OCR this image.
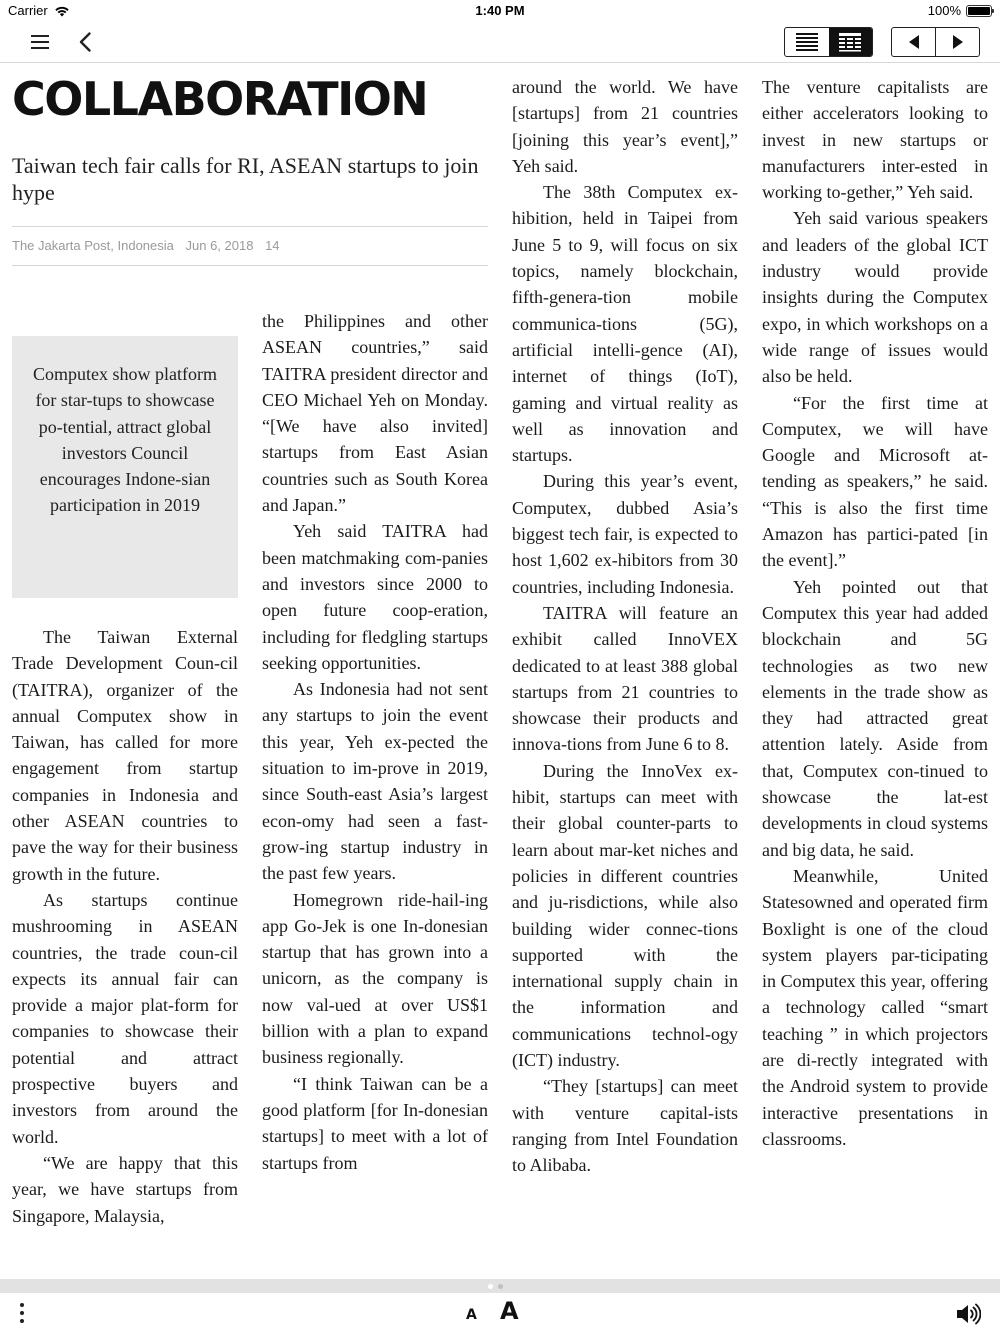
Carrier	1:40 PM	100%
COLLABORATION
Taiwan tech fair calls for RI, ASEAN startups to join hype
The Jakarta Post, Indonesia Jun 6, 2018 14
Computex show platform for star-tups to showcase po-tential, attract global investors Council encourages Indone-sian participation in 2019

The Taiwan External Trade Development Coun-cil (TAITRA), organizer of the annual Computex show in Taiwan, has called for more engagement from startup companies in Indonesia and other ASEAN countries to pave the way for their business growth in the future.

As startups continue mushrooming in ASEAN countries, the trade coun-cil expects its annual fair can provide a major plat-form for companies to showcase their potential and attract prospective buyers and investors from around the world.

“We are happy that this year, we have startups from Singapore, Malaysia,

the Philippines and other ASEAN countries,” said TAITRA president director and CEO Michael Yeh on Monday. “[We have also invited] startups from East Asian countries such as South Korea and Japan.”

Yeh said TAITRA had been matchmaking com-panies and investors since 2000 to open future coop-eration, including for fledgling startups seeking opportunities.

As Indonesia had not sent any startups to join the event this year, Yeh ex-pected the situation to im-prove in 2019, since South-east Asia’s largest econ-omy had seen a fast-grow-ing startup industry in the past few years.

Homegrown ride-hail-ing app Go-Jek is one In-donesian startup that has grown into a unicorn, as the company is now val-ued at over US$1 billion with a plan to expand business regionally.

“I think Taiwan can be a good platform [for In-donesian startups] to meet with a lot of startups from

around the world. We have [startups] from 21 countries [joining this year’s event],” Yeh said.

The 38th Computex ex-hibition, held in Taipei from June 5 to 9, will focus on six topics, namely blockchain, fifth-genera-tion mobile communica-tions (5G), artificial intelli-gence (AI), internet of things (IoT), gaming and virtual reality as well as innovation and startups.

During this year’s event, Computex, dubbed Asia’s biggest tech fair, is expected to host 1,602 ex-hibitors from 30 countries, including Indonesia.

TAITRA will feature an exhibit called InnoVEX dedicated to at least 388 global startups from 21 countries to showcase their products and innova-tions from June 6 to 8.

During the InnoVex ex-hibit, startups can meet with their global counter-parts to learn about mar-ket niches and policies in different countries and ju-risdictions, while also building wider connec-tions supported with the international supply chain in the information and communications technol-ogy (ICT) industry.

“They [startups] can meet with venture capital-ists ranging from Intel Foundation to Alibaba.

The venture capitalists are either accelerators looking to invest in new startups or manufacturers inter-ested in working to-gether,” Yeh said.

Yeh said various speakers and leaders of the global ICT industry would provide insights during the Computex expo, in which workshops on a wide range of issues would also be held.

“For the first time at Computex, we will have Google and Microsoft at-tending as speakers,” he said. “This is also the first time Amazon has partici-pated [in the event].”

Yeh pointed out that Computex this year had added blockchain and 5G technologies as two new elements in the trade show as they had attracted great attention lately. Aside from that, Computex con-tinued to showcase the lat-est developments in cloud systems and big data, he said.

Meanwhile, United Statesowned and operated firm Boxlight is one of the cloud system players par-ticipating in Computex this year, offering a technology called “smart teaching ” in which projectors are di-rectly integrated with the Android system to provide interactive presentations in classrooms.

A A
